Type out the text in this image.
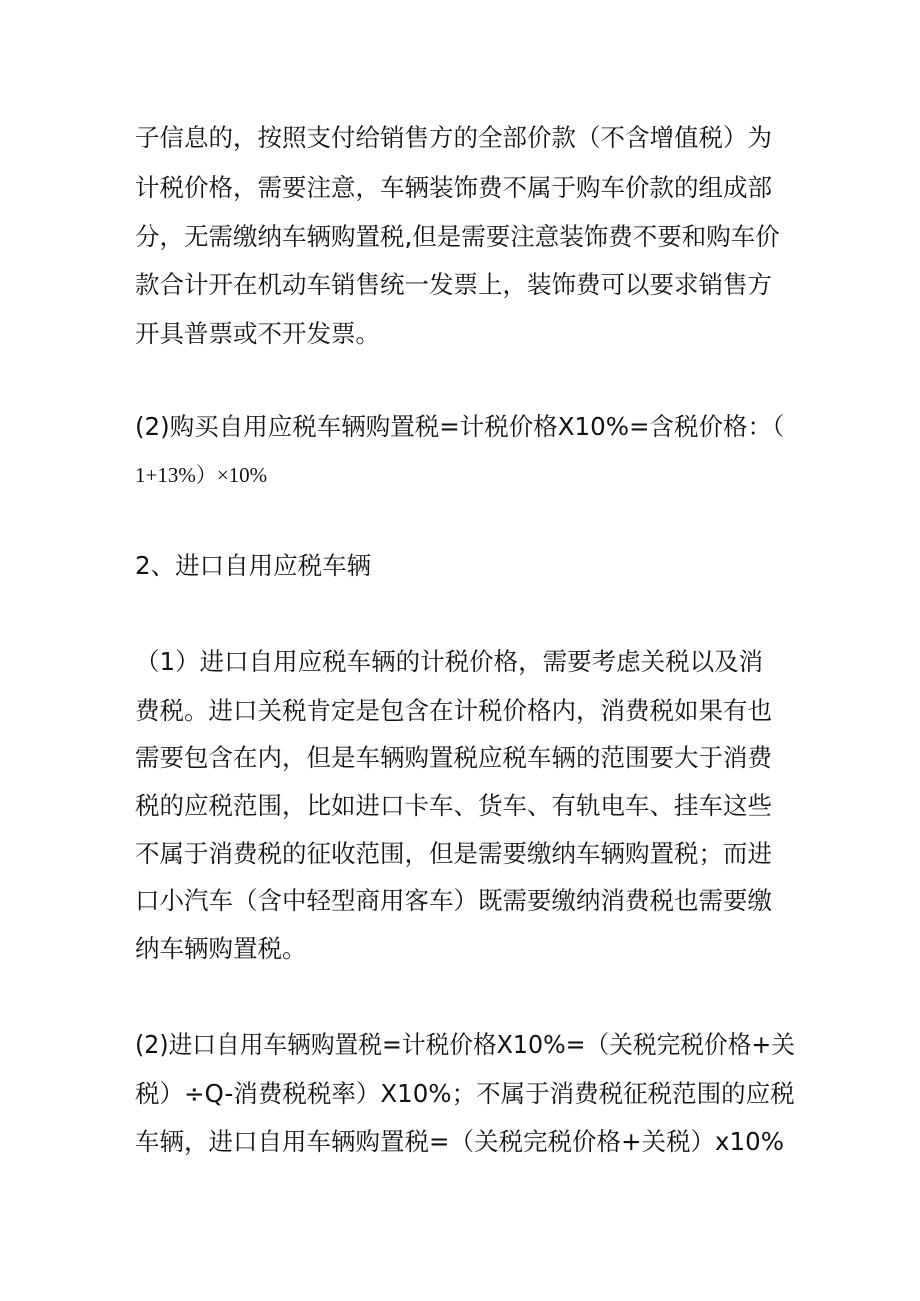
子信息的，按照支付给销售方的全部价款（不含增值税）为
计税价格，需要注意，车辆装饰费不属于购车价款的组成部
分，无需缴纳车辆购置税,但是需要注意装饰费不要和购车价
款合计开在机动车销售统一发票上，装饰费可以要求销售方
开具普票或不开发票。
(2)购买自用应税车辆购置税=计税价格X10%=含税价格：（
1+13%）×10%
2、进口自用应税车辆
（1）进口自用应税车辆的计税价格，需要考虑关税以及消
费税。进口关税肯定是包含在计税价格内，消费税如果有也
需要包含在内，但是车辆购置税应税车辆的范围要大于消费
税的应税范围，比如进口卡车、货车、有轨电车、挂车这些
不属于消费税的征收范围，但是需要缴纳车辆购置税；而进
口小汽车（含中轻型商用客车）既需要缴纳消费税也需要缴
纳车辆购置税。
(2)进口自用车辆购置税=计税价格X10%=（关税完税价格+关
税）÷Q-消费税税率）X10%；不属于消费税征税范围的应税
车辆，进口自用车辆购置税=（关税完税价格+关税）x10%
